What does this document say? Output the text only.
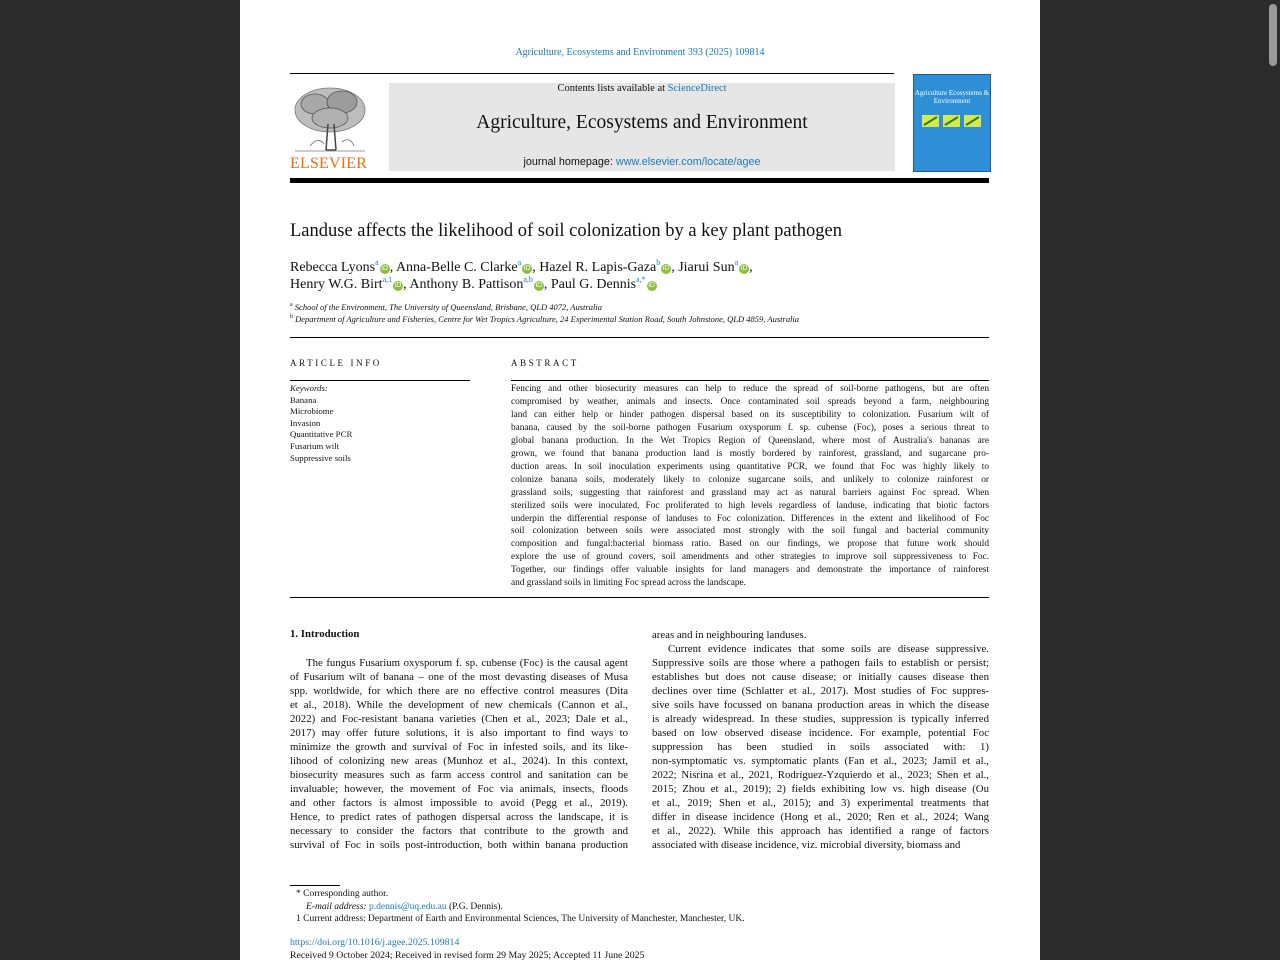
Agriculture, Ecosystems and Environment 393 (2025) 109814
ELSEVIER
Contents lists available at ScienceDirect
Agriculture, Ecosystems and Environment
journal homepage: www.elsevier.com/locate/agee
Agriculture Ecosystems & Environment
Landuse affects the likelihood of soil colonization by a key plant pathogen
Rebecca Lyons$^a$iD , Anna-Belle C. Clarke$^a$iD , Hazel R. Lapis-Gaza$^b$iD , Jiarui Sun$^a$iD ,
Henry W.G. Birt$^{a,1}$iD , Anthony B. Pattison$^{a,b}$iD , Paul G. Dennis$^{a,*}$iD
$^a$ School of the Environment, The University of Queensland, Brisbane, QLD 4072, Australia
$^b$ Department of Agriculture and Fisheries, Centre for Wet Tropics Agriculture, 24 Experimental Station Road, South Johnstone, QLD 4859, Australia
ARTICLE INFO
Keywords:
Banana
Microbiome
Invasion
Quantitative PCR
Fusarium wilt
Suppressive soils
ABSTRACT
Fencing and other biosecurity measures can help to reduce the spread of soil-borne pathogens, but are often
compromised by weather, animals and insects. Once contaminated soil spreads beyond a farm, neighbouring
land can either help or hinder pathogen dispersal based on its susceptibility to colonization. Fusarium wilt of
banana, caused by the soil-borne pathogen Fusarium oxysporum f. sp. cubense (Foc), poses a serious threat to
global banana production. In the Wet Tropics Region of Queensland, where most of Australia's bananas are
grown, we found that banana production land is mostly bordered by rainforest, grassland, and sugarcane pro-
duction areas. In soil inoculation experiments using quantitative PCR, we found that Foc was highly likely to
colonize banana soils, moderately likely to colonize sugarcane soils, and unlikely to colonize rainforest or
grassland soils, suggesting that rainforest and grassland may act as natural barriers against Foc spread. When
sterilized soils were inoculated, Foc proliferated to high levels regardless of landuse, indicating that biotic factors
underpin the differential response of landuses to Foc colonization. Differences in the extent and likelihood of Foc
soil colonization between soils were associated most strongly with the soil fungal and bacterial community
composition and fungal:bacterial biomass ratio. Based on our findings, we propose that future work should
explore the use of ground covers, soil amendments and other strategies to improve soil suppressiveness to Foc.
Together, our findings offer valuable insights for land managers and demonstrate the importance of rainforest
and grassland soils in limiting Foc spread across the landscape.
1. Introduction
The fungus Fusarium oxysporum f. sp. cubense (Foc) is the causal agent
of Fusarium wilt of banana – one of the most devasting diseases of Musa
spp. worldwide, for which there are no effective control measures (Dita
et al., 2018). While the development of new chemicals (Cannon et al.,
2022) and Foc-resistant banana varieties (Chen et al., 2023; Dale et al.,
2017) may offer future solutions, it is also important to find ways to
minimize the growth and survival of Foc in infested soils, and its like-
lihood of colonizing new areas (Munhoz et al., 2024). In this context,
biosecurity measures such as farm access control and sanitation can be
invaluable; however, the movement of Foc via animals, insects, floods
and other factors is almost impossible to avoid (Pegg et al., 2019).
Hence, to predict rates of pathogen dispersal across the landscape, it is
necessary to consider the factors that contribute to the growth and
survival of Foc in soils post-introduction, both within banana production
areas and in neighbouring landuses.
Current evidence indicates that some soils are disease suppressive.
Suppressive soils are those where a pathogen fails to establish or persist;
establishes but does not cause disease; or initially causes disease then
declines over time (Schlatter et al., 2017). Most studies of Foc suppres-
sive soils have focussed on banana production areas in which the disease
is already widespread. In these studies, suppression is typically inferred
based on low observed disease incidence. For example, potential Foc
suppression has been studied in soils associated with: 1)
non-symptomatic vs. symptomatic plants (Fan et al., 2023; Jamil et al.,
2022; Nisrina et al., 2021, Rodríguez-Yzquierdo et al., 2023; Shen et al.,
2015; Zhou et al., 2019); 2) fields exhibiting low vs. high disease (Ou
et al., 2019; Shen et al., 2015); and 3) experimental treatments that
differ in disease incidence (Hong et al., 2020; Ren et al., 2024; Wang
et al., 2022). While this approach has identified a range of factors
associated with disease incidence, viz. microbial diversity, biomass and
* Corresponding author.
E-mail address: p.dennis@uq.edu.au (P.G. Dennis).
1 Current address: Department of Earth and Environmental Sciences, The University of Manchester, Manchester, UK.
https://doi.org/10.1016/j.agee.2025.109814
Received 9 October 2024; Received in revised form 29 May 2025; Accepted 11 June 2025
